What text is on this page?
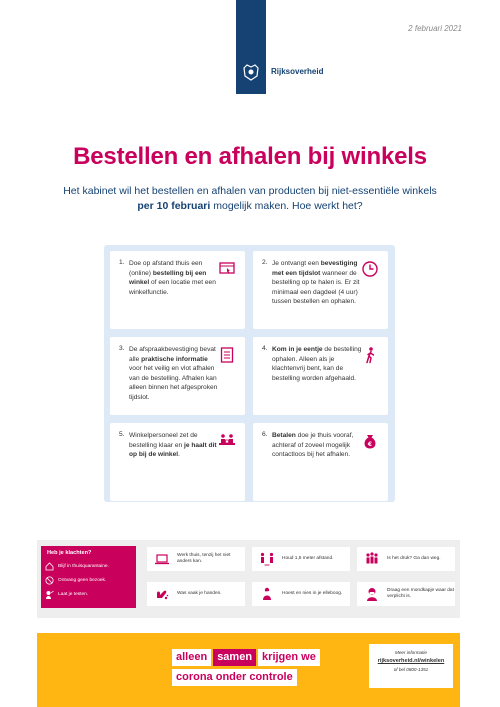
2 februari 2021
Rijksoverheid
Bestellen en afhalen bij winkels

Het kabinet wil het bestellen en afhalen van producten bij niet-essentiële winkels
per 10 februari mogelijk maken. Hoe werkt het?

1. Doe op afstand thuis een (online) bestelling bij een winkel of een locatie met een winkelfunctie.
2. Je ontvangt een bevestiging met een tijdslot wanneer de bestelling op te halen is. Er zit minimaal een dagdeel (4 uur) tussen bestellen en ophalen.
3. De afspraakbevestiging bevat alle praktische informatie voor het veilig en vlot afhalen van de bestelling. Afhalen kan alleen binnen het afgesproken tijdslot.
4. Kom in je eentje de bestelling ophalen. Alleen als je klachtenvrij bent, kan de bestelling worden afgehaald.
5. Winkelpersoneel zet de bestelling klaar en je haalt dit op bij de winkel.
6. Betalen doe je thuis vooraf, achteraf of zoveel mogelijk contactloos bij het afhalen.
€
Heb je klachten?
Blijf in thuisquarantaine.
Ontvang geen bezoek.
Laat je testen.
Werk thuis, tenzij het niet anders kan.
Houd 1,5 meter afstand.	Is het druk? Ga dan weg.
Was vaak je handen.	Hoest en nies in je elleboog.
Draag een mondkapje waar dat verplicht is.
alleen samen krijgen we
corona onder controle
Meer informatie
rijksoverheid.nl/winkelen
of bel 0800-1351
